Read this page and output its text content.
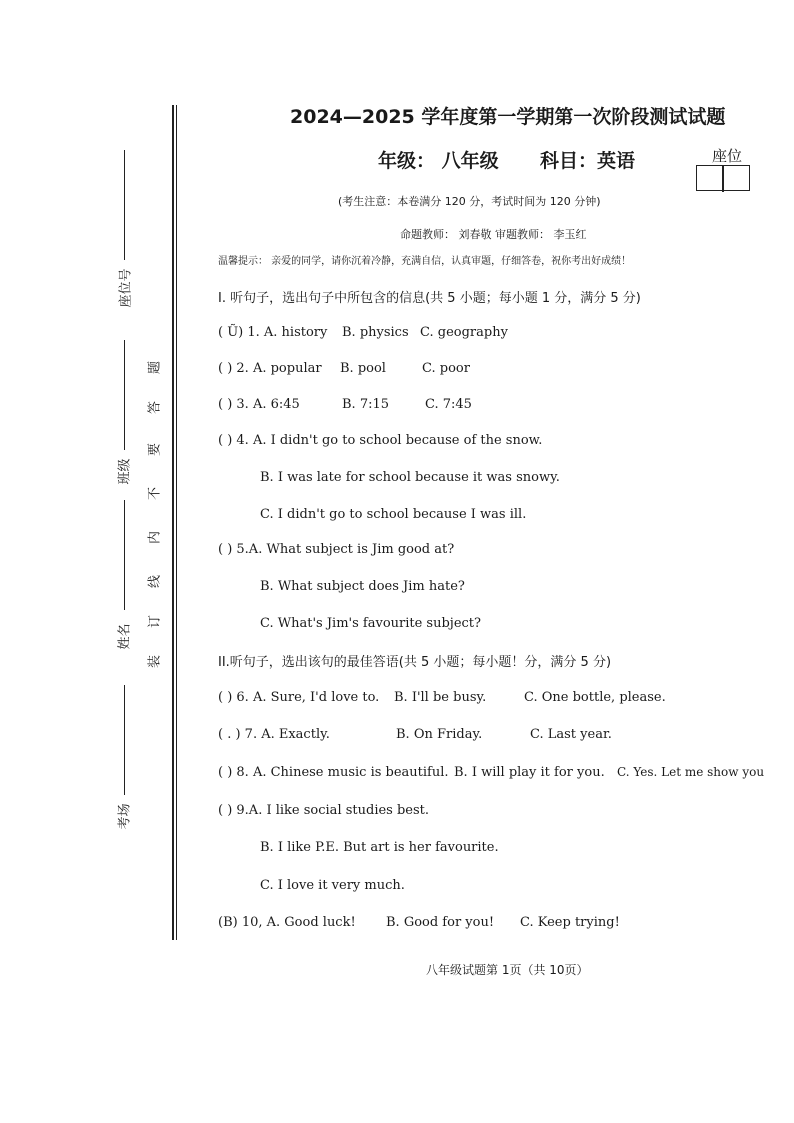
座位号
班级
姓名
考场
题
答
要
不
内
线
订
装
2024—2025 学年度第一学期第一次阶段测试试题
年级： 八年级 科目：英语	座位
(考生注意：本卷满分 120 分，考试时间为 120 分钟)
命题教师： 刘春敬 审题教师： 李玉红
温馨提示： 亲爱的同学，请你沉着冷静，充满自信，认真审题，仔细答卷，祝你考出好成绩！
I. 听句子，选出句子中所包含的信息(共 5 小题；每小题 1 分，满分 5 分)
( Ũ) 1. A. history B. physics C. geography
( ) 2. A. popular B. pool	C. poor
( ) 3. A. 6:45	B. 7:15	C. 7:45
( ) 4. A. I didn't go to school because of the snow.
B. I was late for school because it was snowy.
C. I didn't go to school because I was ill.
( ) 5.A. What subject is Jim good at?
B. What subject does Jim hate?
C. What's Jim's favourite subject?
II.听句子，选出该句的最佳答语(共 5 小题；每小题！分，满分 5 分)
( ) 6. A. Sure, I'd love to. B. I'll be busy.	C. One bottle, please.
( . ) 7. A. Exactly.	B. On Friday.	C. Last year.
( ) 8. A. Chinese music is beautiful. B. I will play it for you. C. Yes. Let me show you
( ) 9.A. I like social studies best.
B. I like P.E. But art is her favourite.
C. I love it very much.
(B) 10, A. Good luck! B. Good for you! C. Keep trying!
八年级试题第 1页（共 10页）
